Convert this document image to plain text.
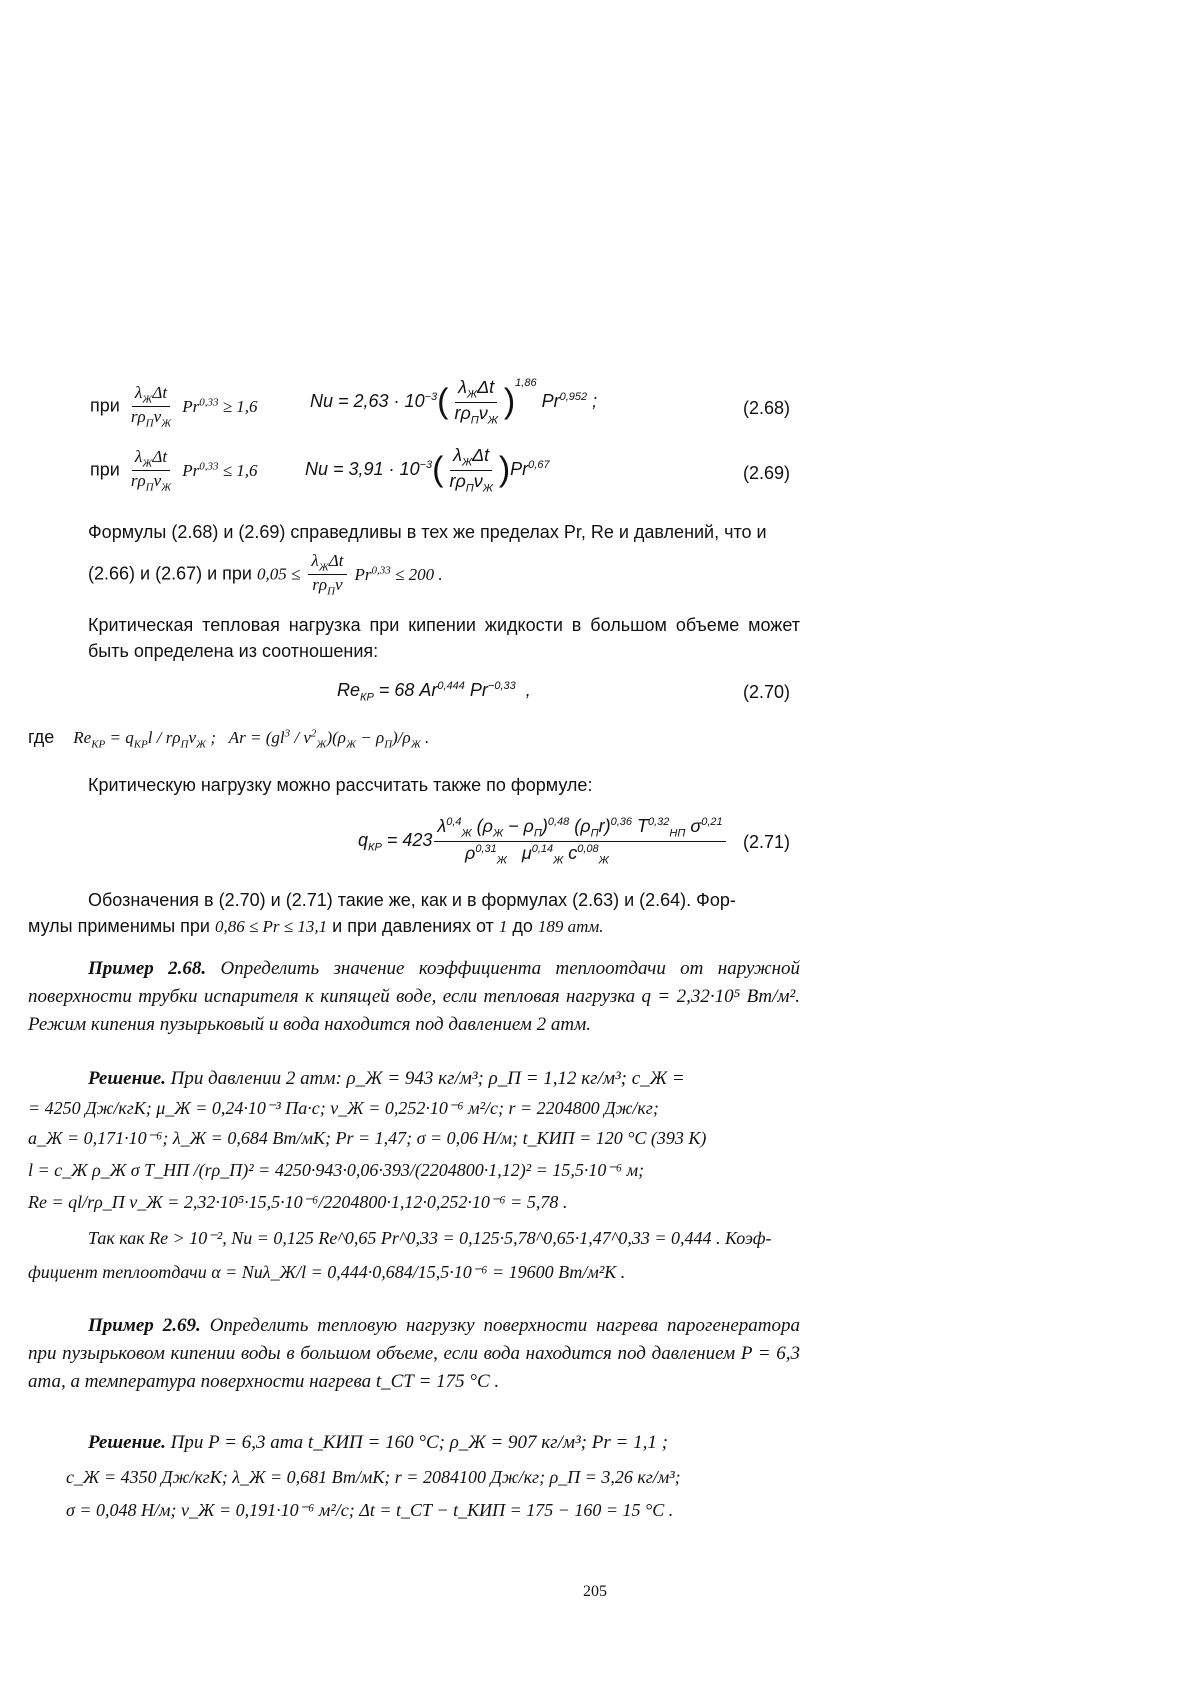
при $\frac{\lambda_Ж\Delta t}{r\rho_П\nu_Ж} Pr^{0,33} \ge 1,6$	$Nu = 2,63 \cdot 10^{-3}( \frac{\lambda_Ж\Delta t}{r\rho_П\nu_Ж} )^{1,86}$ Pr$^{0,952}$ ;	(2.68)
при $\frac{\lambda_Ж\Delta t}{r\rho_П\nu_Ж} Pr^{0,33} \le 1,6$	$Nu = 3,91 \cdot 10^{-3}( \frac{\lambda_Ж\Delta t}{r\rho_П\nu_Ж} )Pr^{0,67}$	(2.69)
Формулы (2.68) и (2.69) справедливы в тех же пределах Pr, Re и давлений, что и
(2.66) и (2.67) и при $0,05 \le \frac{\lambda_Ж\Delta t}{r\rho_П\nu} Pr^{0,33} \le 200$ .
Критическая тепловая нагрузка при кипении жидкости в большом объеме может быть определена из соотношения:
$Re_{КР} = 68$ Ar$^{0,444}$ $Pr^{-0,33}$  ,	(2.70)
где $Re_{КР} = q_{КР}l / r\rho_П\nu_Ж$ ;   $Ar = (gl^3 / \nu^2_Ж)(\rho_Ж - \rho_П)/\rho_Ж$ .
Критическую нагрузку можно рассчитать также по формуле:
$q_{КР} = 423 \frac{\lambda^{0,4}_Ж (\rho_Ж - \rho_П)^{0,48} (\rho_Пr)^{0,36} T^{0,32}_{НП} \sigma^{0,21}}{\rho^{0,31}_Ж \mu^{0,14}_Ж c^{0,08}_Ж} (2.71)$
Обозначения в (2.70) и (2.71) такие же, как и в формулах (2.63) и (2.64). Фор-
мулы применимы при 0,86 ≤ Pr ≤ 13,1 и при давлениях от 1 до 189 атм.
Пример 2.68. Определить значение коэффициента теплоотдачи от наружной поверхности трубки испарителя к кипящей воде, если тепловая нагрузка q = 2,32·10⁵ Вт/м². Режим кипения пузырьковый и вода находится под давлением 2 атм.
Решение. При давлении 2 атм: ρ_Ж = 943 кг/м³; ρ_П = 1,12 кг/м³; c_Ж =
= 4250 Дж/кгК; μ_Ж = 0,24·10⁻³ Па·с; ν_Ж = 0,252·10⁻⁶ м²/с; r = 2204800 Дж/кг;
a_Ж = 0,171·10⁻⁶; λ_Ж = 0,684 Вт/мК; Pr = 1,47; σ = 0,06 Н/м; t_КИП = 120 °C (393 K)
l = c_Ж ρ_Ж σ T_НП /(rρ_П)² = 4250·943·0,06·393/(2204800·1,12)² = 15,5·10⁻⁶ м;
Re = ql/rρ_П ν_Ж = 2,32·10⁵·15,5·10⁻⁶/2204800·1,12·0,252·10⁻⁶ = 5,78 .
Так как Re > 10⁻², Nu = 0,125 Re^0,65 Pr^0,33 = 0,125·5,78^0,65·1,47^0,33 = 0,444 . Коэф-
фициент теплоотдачи α = Nuλ_Ж/l = 0,444·0,684/15,5·10⁻⁶ = 19600 Вт/м²K .
Пример 2.69. Определить тепловую нагрузку поверхности нагрева парогенератора при пузырьковом кипении воды в большом объеме, если вода находится под давлением P = 6,3 ата, а температура поверхности нагрева t_СТ = 175 °C .
Решение. При P = 6,3 ата t_КИП = 160 °C; ρ_Ж = 907 кг/м³; Pr = 1,1 ;
c_Ж = 4350 Дж/кгК; λ_Ж = 0,681 Вт/мК; r = 2084100 Дж/кг; ρ_П = 3,26 кг/м³;
σ = 0,048 Н/м; ν_Ж = 0,191·10⁻⁶ м²/с; Δt = t_СТ − t_КИП = 175 − 160 = 15 °C .
205
